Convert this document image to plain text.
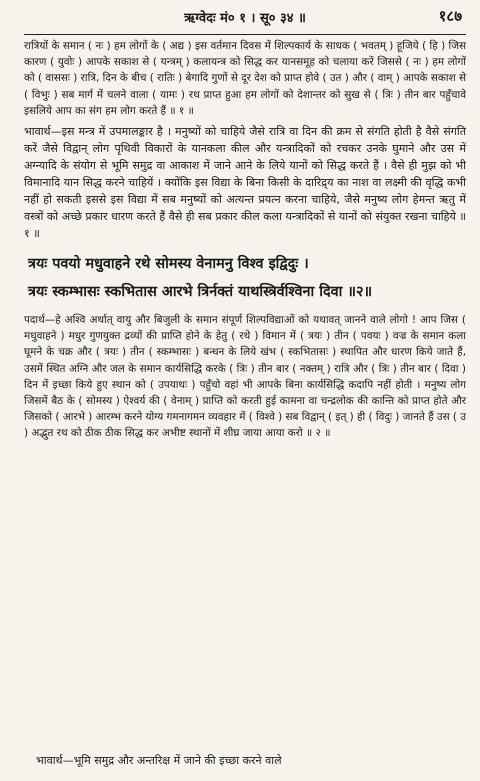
ऋग्वेदः मं० १ । सू० ३४ ॥	१८७

रात्रियों के समान ( नः ) हम लोगों के ( अद्य ) इस वर्तमान दिवस में शिल्पकार्य के साधक ( भवतम् ) हूजिये ( हि ) जिस कारण ( युवोः ) आपके सकाश से ( यन्त्रम् ) कलायन्त्र को सिद्ध कर यानसमूह को चलाया करें जिससे ( नः ) हम लोगों को ( वाससः ) रात्रि, दिन के बीच ( रातिः ) बेगादि गुणों से दूर देश को प्राप्त होवे ( उत ) और ( वाम् ) आपके सकाश से ( विभुः ) सब मार्ग में चलने वाला ( यामः ) रथ प्राप्त हुआ हम लोगों को देशान्तर को सुख से ( त्रिः ) तीन बार पहुँचावे इसलिये आप का संग हम लोग करते हैं ॥ १ ॥

भावार्थ—इस मन्त्र में उपमालङ्कार है । मनुष्यों को चाहिये जैसे रात्रि वा दिन की क्रम से संगति होती है वैसे संगति करें जैसे विद्वान् लोग पृथिवी विकारों के यानकला कील और यन्त्रादिकों को रचकर उनके घुमाने और उस में अग्न्यादि के संयोग से भूमि समुद्र वा आकाश में जाने आने के लिये यानों को सिद्ध करते हैं । वैसे ही मुझ को भी विमानादि यान सिद्ध करने चाहियें । क्योंकि इस विद्या के बिना किसी के दारिद्र्य का नाश वा लक्ष्मी की वृद्धि कभी नहीं हो सकती इससे इस विद्या में सब मनुष्यों को अत्यन्त प्रयत्न करना चाहिये, जैसे मनुष्य लोग हेमन्त ऋतु में वस्त्रों को अच्छे प्रकार धारण करते हैं वैसे ही सब प्रकार कील कला यन्त्रादिकों से यानों को संयुक्त रखना चाहिये ॥ १ ॥

त्रयः पवयो मधुवाहने रथे सोमस्य वेनामनु विश्व इद्विदुः ।
त्रयः स्कम्भासः स्कभितास आरभे त्रिर्नक्तं याथस्त्रिर्वश्विना दिवा ॥२॥

पदार्थ—हे अश्वि अर्थात् वायु और बिजुली के समान संपूर्ण शिल्पविद्याओं को यथावत् जानने वाले लोगो ! आप जिस ( मधुवाहने ) मधुर गुणयुक्त द्रव्यों की प्राप्ति होने के हेतु ( रथे ) विमान में ( त्रयः ) तीन ( पवयः ) वज्र के समान कला घूमने के चक्र और ( त्रयः ) तीन ( स्कम्भासः ) बन्धन के लिये खंभ ( स्कभितासः ) स्थापित और धारण किये जाते हैं, उसमें स्थित अग्नि और जल के समान कार्यसिद्धि करके ( त्रिः ) तीन बार ( नक्तम् ) रात्रि और ( त्रिः ) तीन बार ( दिवा ) दिन में इच्छा किये हुए स्थान को ( उपयाथः ) पहुँचो वहां भी आपके बिना कार्यसिद्धि कदापि नहीं होती । मनुष्य लोग जिसमें बैठ के ( सोमस्य ) ऐश्वर्य की ( वेनाम् ) प्राप्ति को करती हुई कामना वा चन्द्रलोक की कान्ति को प्राप्त होते और जिसको ( आरभे ) आरम्भ करने योग्य गमनागमन व्यवहार में ( विश्वे ) सब विद्वान् ( इत् ) ही ( विदुः ) जानते हैं उस ( उ ) अद्भुत रथ को ठीक ठीक सिद्ध कर अभीष्ट स्थानों में शीघ्र जाया आया करो ॥ २ ॥

भावार्थ—भूमि समुद्र और अन्तरिक्ष में जाने की इच्छा करने वाले
